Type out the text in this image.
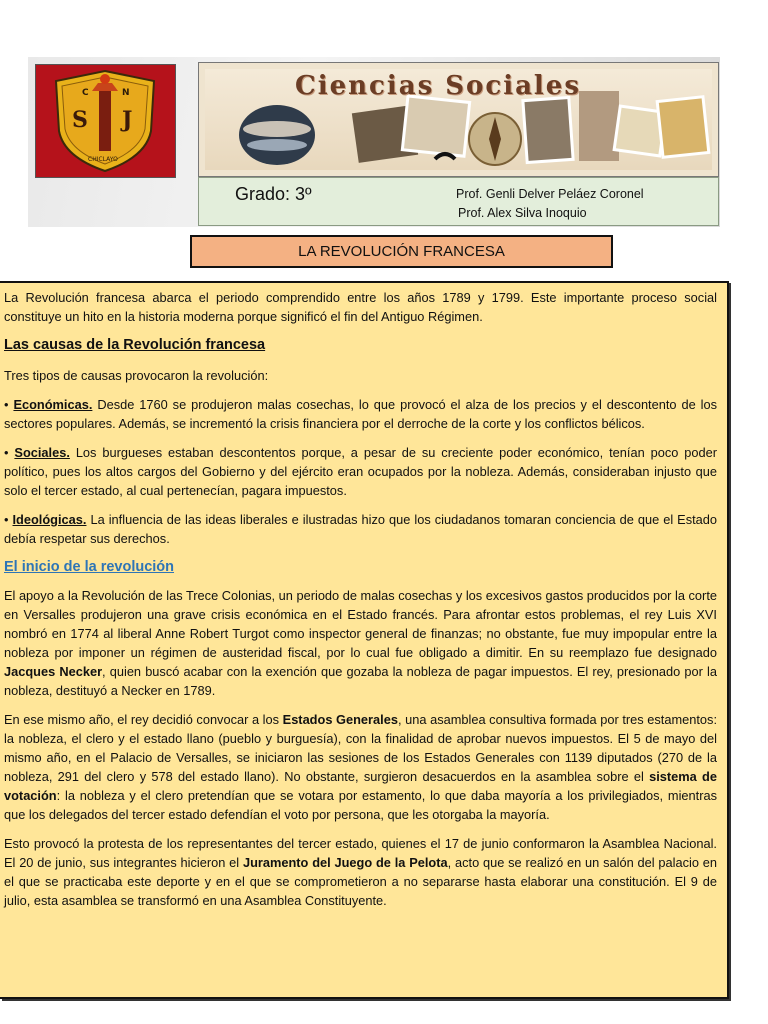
S J
C	N
CHICLAYO
Ciencias Sociales
Grado: 3º	Prof. Genli Delver Peláez Coronel
Prof. Alex Silva Inoquio
LA REVOLUCIÓN FRANCESA

La Revolución francesa abarca el periodo comprendido entre los años 1789 y 1799. Este importante proceso social constituye un hito en la historia moderna porque significó el fin del Antiguo Régimen.

Las causas de la Revolución francesa

Tres tipos de causas provocaron la revolución:

• Económicas. Desde 1760 se produjeron malas cosechas, lo que provocó el alza de los precios y el descontento de los sectores populares. Además, se incrementó la crisis financiera por el derroche de la corte y los conflictos bélicos.

• Sociales. Los burgueses estaban descontentos porque, a pesar de su creciente poder económico, tenían poco poder político, pues los altos cargos del Gobierno y del ejército eran ocupados por la nobleza. Además, consideraban injusto que solo el tercer estado, al cual pertenecían, pagara impuestos.

• Ideológicas. La influencia de las ideas liberales e ilustradas hizo que los ciudadanos tomaran conciencia de que el Estado debía respetar sus derechos.

El inicio de la revolución

El apoyo a la Revolución de las Trece Colonias, un periodo de malas cosechas y los excesivos gastos producidos por la corte en Versalles produjeron una grave crisis económica en el Estado francés. Para afrontar estos problemas, el rey Luis XVI nombró en 1774 al liberal Anne Robert Turgot como inspector general de finanzas; no obstante, fue muy impopular entre la nobleza por imponer un régimen de austeridad fiscal, por lo cual fue obligado a dimitir. En su reemplazo fue designado Jacques Necker, quien buscó acabar con la exención que gozaba la nobleza de pagar impuestos. El rey, presionado por la nobleza, destituyó a Necker en 1789.

En ese mismo año, el rey decidió convocar a los Estados Generales, una asamblea consultiva formada por tres estamentos: la nobleza, el clero y el estado llano (pueblo y burguesía), con la finalidad de aprobar nuevos impuestos. El 5 de mayo del mismo año, en el Palacio de Versalles, se iniciaron las sesiones de los Estados Generales con 1139 diputados (270 de la nobleza, 291 del clero y 578 del estado llano). No obstante, surgieron desacuerdos en la asamblea sobre el sistema de votación: la nobleza y el clero pretendían que se votara por estamento, lo que daba mayoría a los privilegiados, mientras que los delegados del tercer estado defendían el voto por persona, que les otorgaba la mayoría.

Esto provocó la protesta de los representantes del tercer estado, quienes el 17 de junio conformaron la Asamblea Nacional. El 20 de junio, sus integrantes hicieron el Juramento del Juego de la Pelota, acto que se realizó en un salón del palacio en el que se practicaba este deporte y en el que se comprometieron a no separarse hasta elaborar una constitución. El 9 de julio, esta asamblea se transformó en una Asamblea Constituyente.
